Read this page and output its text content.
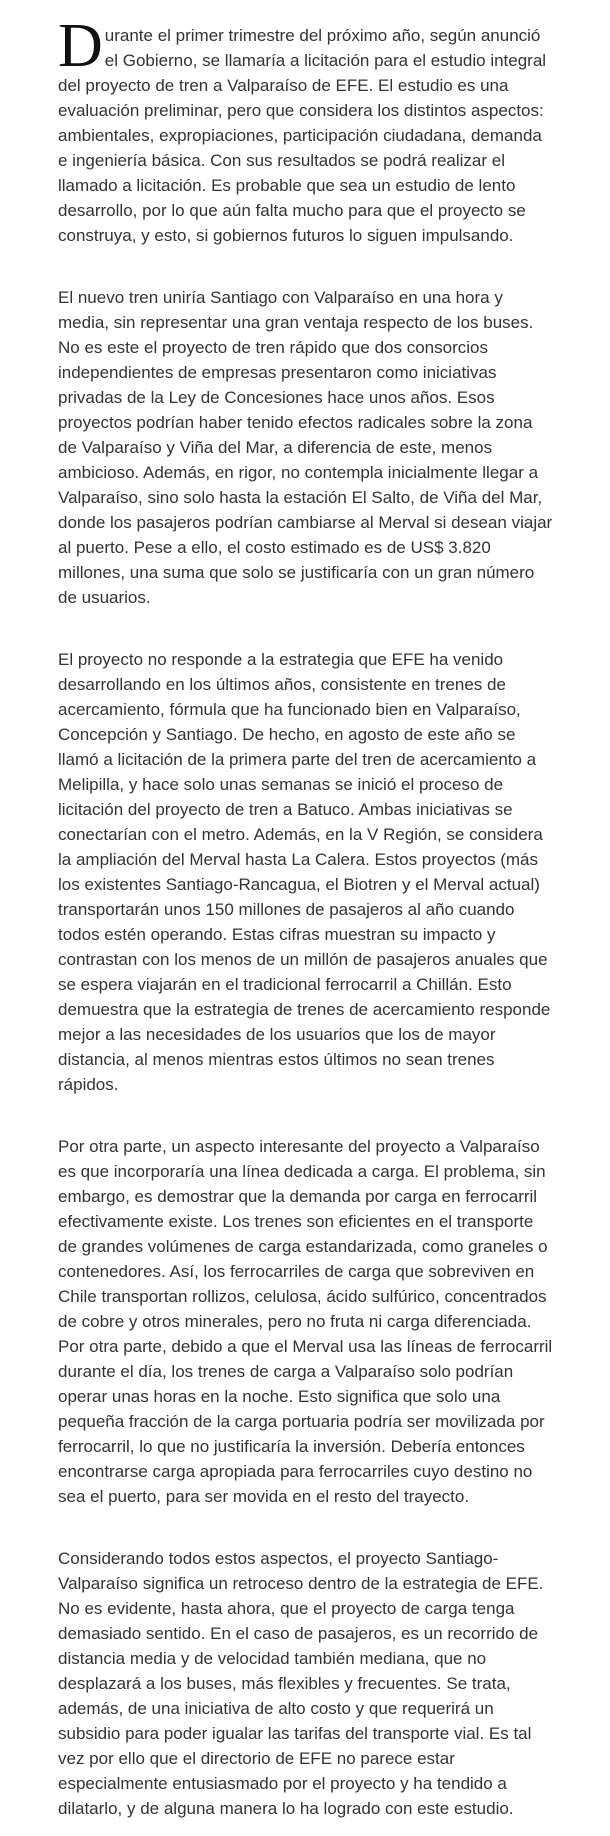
Durante el primer trimestre del próximo año, según anunció el Gobierno, se llamaría a licitación para el estudio integral del proyecto de tren a Valparaíso de EFE. El estudio es una evaluación preliminar, pero que considera los distintos aspectos: ambientales, expropiaciones, participación ciudadana, demanda e ingeniería básica. Con sus resultados se podrá realizar el llamado a licitación. Es probable que sea un estudio de lento desarrollo, por lo que aún falta mucho para que el proyecto se construya, y esto, si gobiernos futuros lo siguen impulsando.

El nuevo tren uniría Santiago con Valparaíso en una hora y media, sin representar una gran ventaja respecto de los buses. No es este el proyecto de tren rápido que dos consorcios independientes de empresas presentaron como iniciativas privadas de la Ley de Concesiones hace unos años. Esos proyectos podrían haber tenido efectos radicales sobre la zona de Valparaíso y Viña del Mar, a diferencia de este, menos ambicioso. Además, en rigor, no contempla inicialmente llegar a Valparaíso, sino solo hasta la estación El Salto, de Viña del Mar, donde los pasajeros podrían cambiarse al Merval si desean viajar al puerto. Pese a ello, el costo estimado es de US$ 3.820 millones, una suma que solo se justificaría con un gran número de usuarios.

El proyecto no responde a la estrategia que EFE ha venido desarrollando en los últimos años, consistente en trenes de acercamiento, fórmula que ha funcionado bien en Valparaíso, Concepción y Santiago. De hecho, en agosto de este año se llamó a licitación de la primera parte del tren de acercamiento a Melipilla, y hace solo unas semanas se inició el proceso de licitación del proyecto de tren a Batuco. Ambas iniciativas se conectarían con el metro. Además, en la V Región, se considera la ampliación del Merval hasta La Calera. Estos proyectos (más los existentes Santiago-Rancagua, el Biotren y el Merval actual) transportarán unos 150 millones de pasajeros al año cuando todos estén operando. Estas cifras muestran su impacto y contrastan con los menos de un millón de pasajeros anuales que se espera viajarán en el tradicional ferrocarril a Chillán. Esto demuestra que la estrategia de trenes de acercamiento responde mejor a las necesidades de los usuarios que los de mayor distancia, al menos mientras estos últimos no sean trenes rápidos.

Por otra parte, un aspecto interesante del proyecto a Valparaíso es que incorporaría una línea dedicada a carga. El problema, sin embargo, es demostrar que la demanda por carga en ferrocarril efectivamente existe. Los trenes son eficientes en el transporte de grandes volúmenes de carga estandarizada, como graneles o contenedores. Así, los ferrocarriles de carga que sobreviven en Chile transportan rollizos, celulosa, ácido sulfúrico, concentrados de cobre y otros minerales, pero no fruta ni carga diferenciada. Por otra parte, debido a que el Merval usa las líneas de ferrocarril durante el día, los trenes de carga a Valparaíso solo podrían operar unas horas en la noche. Esto significa que solo una pequeña fracción de la carga portuaria podría ser movilizada por ferrocarril, lo que no justificaría la inversión. Debería entonces encontrarse carga apropiada para ferrocarriles cuyo destino no sea el puerto, para ser movida en el resto del trayecto.

Considerando todos estos aspectos, el proyecto Santiago-Valparaíso significa un retroceso dentro de la estrategia de EFE. No es evidente, hasta ahora, que el proyecto de carga tenga demasiado sentido. En el caso de pasajeros, es un recorrido de distancia media y de velocidad también mediana, que no desplazará a los buses, más flexibles y frecuentes. Se trata, además, de una iniciativa de alto costo y que requerirá un subsidio para poder igualar las tarifas del transporte vial. Es tal vez por ello que el directorio de EFE no parece estar especialmente entusiasmado por el proyecto y ha tendido a dilatarlo, y de alguna manera lo ha logrado con este estudio.
